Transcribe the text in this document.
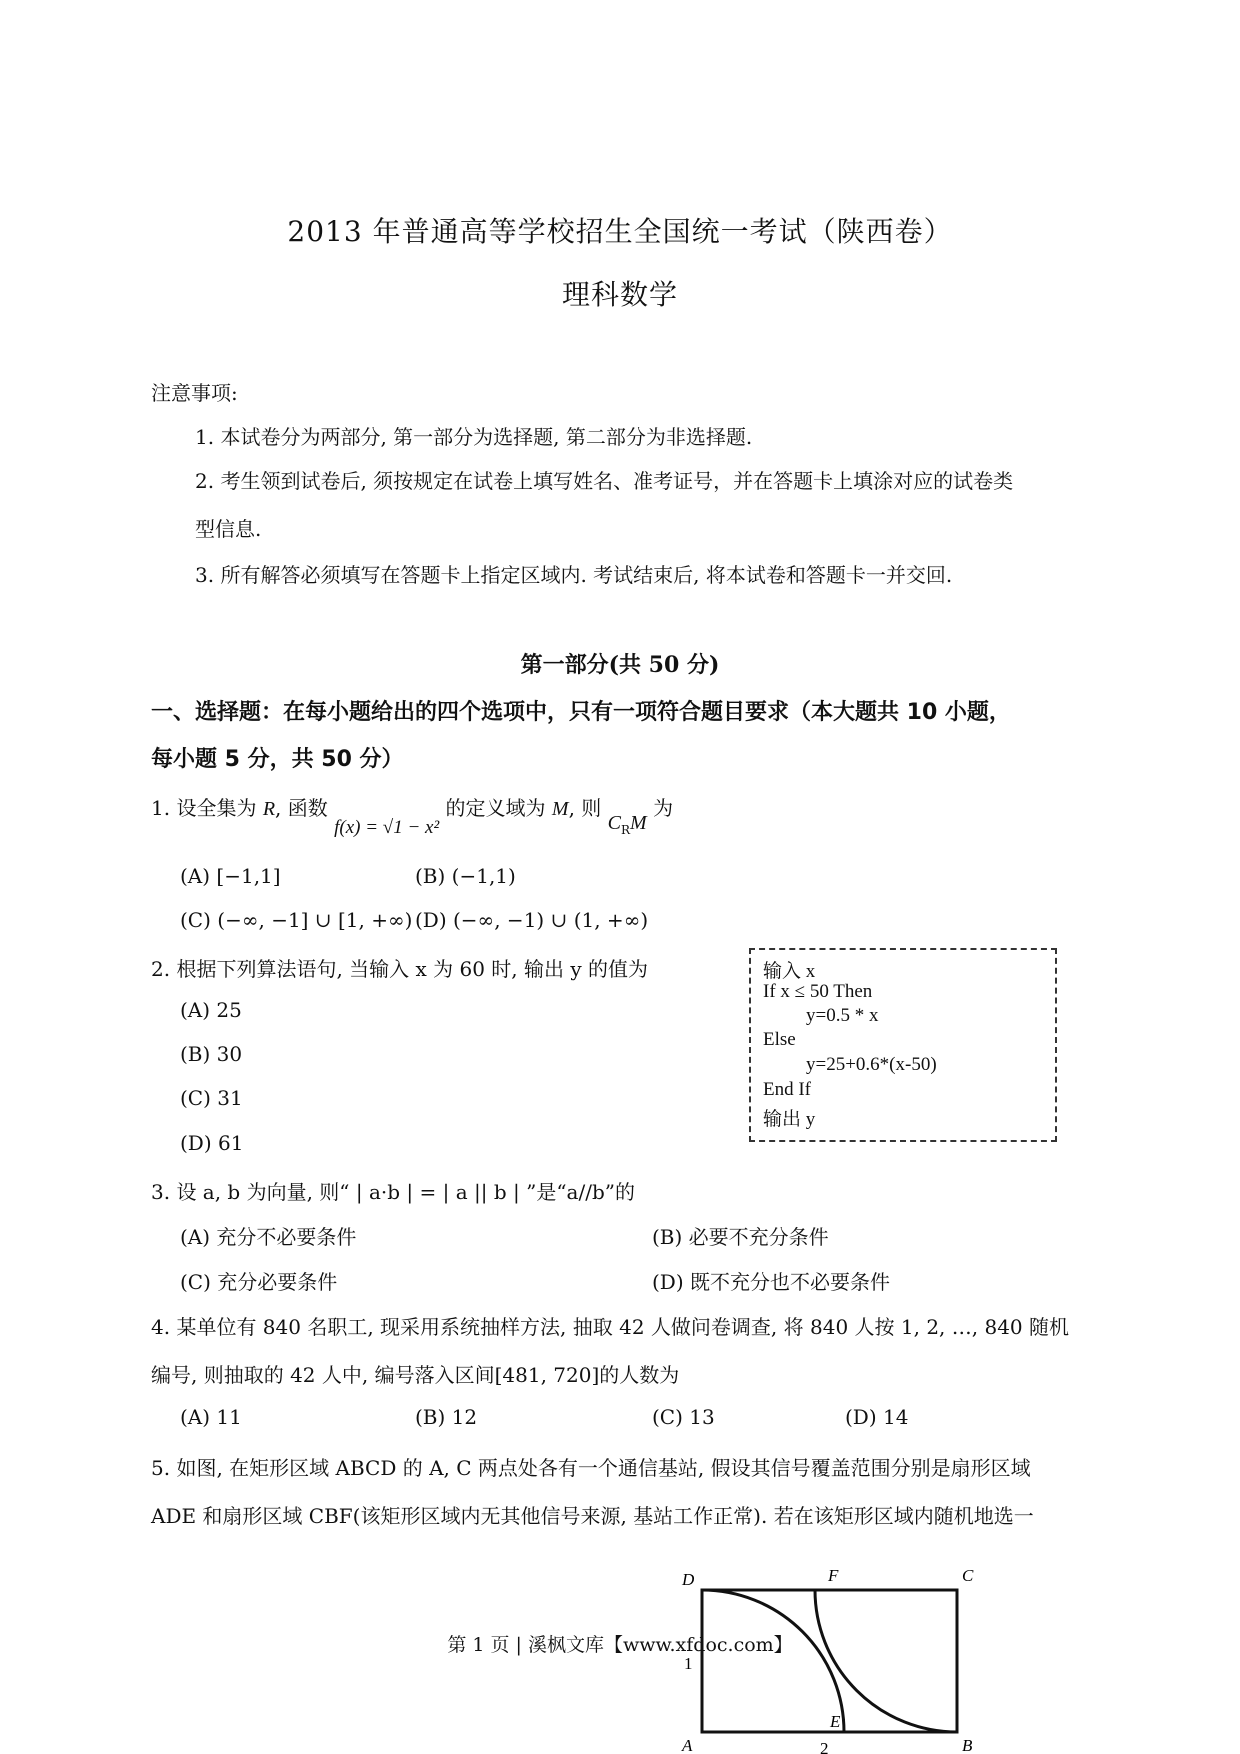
2013 年普通高等学校招生全国统一考试（陕西卷）
理科数学
注意事项:
1. 本试卷分为两部分, 第一部分为选择题, 第二部分为非选择题.
2. 考生领到试卷后, 须按规定在试卷上填写姓名、准考证号，并在答题卡上填涂对应的试卷类
型信息.
3. 所有解答必须填写在答题卡上指定区域内. 考试结束后, 将本试卷和答题卡一并交回.
第一部分(共 50 分)
一、选择题：在每小题给出的四个选项中，只有一项符合题目要求（本大题共 10 小题，
每小题 5 分，共 50 分）
1. 设全集为 R, 函数 f(x) = √1 − x² 的定义域为 M, 则 $C_RM$ 为
(A) [−1,1]	(B) (−1,1)
(C) (−∞, −1] ∪ [1, +∞) (D) (−∞, −1) ∪ (1, +∞)
2. 根据下列算法语句, 当输入 x 为 60 时, 输出 y 的值为
(A) 25
(B) 30
(C) 31
(D) 61
输入 x
If x ≤ 50 Then
y=0.5 * x
Else
y=25+0.6*(x-50)
End If
输出 y
3. 设 a, b 为向量, 则“ | a·b | = | a || b | ”是“a//b”的
(A) 充分不必要条件	(B) 必要不充分条件
(C) 充分必要条件	(D) 既不充分也不必要条件
4. 某单位有 840 名职工, 现采用系统抽样方法, 抽取 42 人做问卷调查, 将 840 人按 1, 2, …, 840 随机
编号, 则抽取的 42 人中, 编号落入区间[481, 720]的人数为
(A) 11	(B) 12	(C) 13	(D) 14
5. 如图, 在矩形区域 ABCD 的 A, C 两点处各有一个通信基站, 假设其信号覆盖范围分别是扇形区域
ADE 和扇形区域 CBF(该矩形区域内无其他信号来源, 基站工作正常). 若在该矩形区域内随机地选一
D	F	C
A
E
B
1
2
第 1 页 | 溪枫文库【www.xfdoc.com】
